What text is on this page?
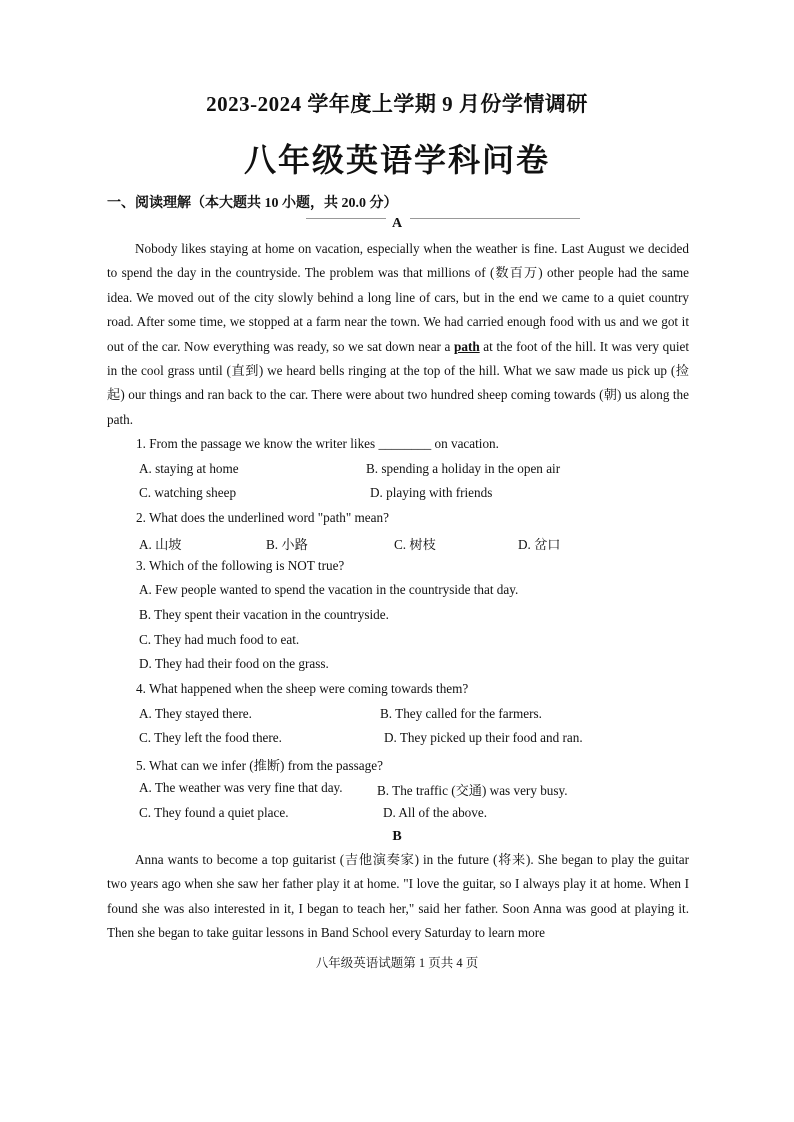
2023-2024 学年度上学期 9 月份学情调研
八年级英语学科问卷
一、阅读理解（本大题共 10 小题，共 20.0 分）
A
Nobody likes staying at home on vacation, especially when the weather is fine. Last August we decided to spend the day in the countryside. The problem was that millions of (数百万) other people had the same idea. We moved out of the city slowly behind a long line of cars, but in the end we came to a quiet country road. After some time, we stopped at a farm near the town. We had carried enough food with us and we got it out of the car. Now everything was ready, so we sat down near a path at the foot of the hill. It was very quiet in the cool grass until (直到) we heard bells ringing at the top of the hill. What we saw made us pick up (捡起) our things and ran back to the car. There were about two hundred sheep coming towards (朝) us along the path.
1. From the passage we know the writer likes ________ on vacation.
A. staying at home	B. spending a holiday in the open air
C. watching sheep	D. playing with friends
2. What does the underlined word "path" mean?
A. 山坡	B. 小路	C. 树枝	D. 岔口
3. Which of the following is NOT true?
A. Few people wanted to spend the vacation in the countryside that day.
B. They spent their vacation in the countryside.
C. They had much food to eat.
D. They had their food on the grass.
4. What happened when the sheep were coming towards them?
A. They stayed there.	B. They called for the farmers.
C. They left the food there.	D. They picked up their food and ran.
5. What can we infer (推断) from the passage?
A. The weather was very fine that day.	B. The traffic (交通) was very busy.
C. They found a quiet place.	D. All of the above.
B
Anna wants to become a top guitarist (吉他演奏家) in the future (将来). She began to play the guitar two years ago when she saw her father play it at home. "I love the guitar, so I always play it at home. When I found she was also interested in it, I began to teach her," said her father. Soon Anna was good at playing it. Then she began to take guitar lessons in Band School every Saturday to learn more
八年级英语试题第 1 页共 4 页
